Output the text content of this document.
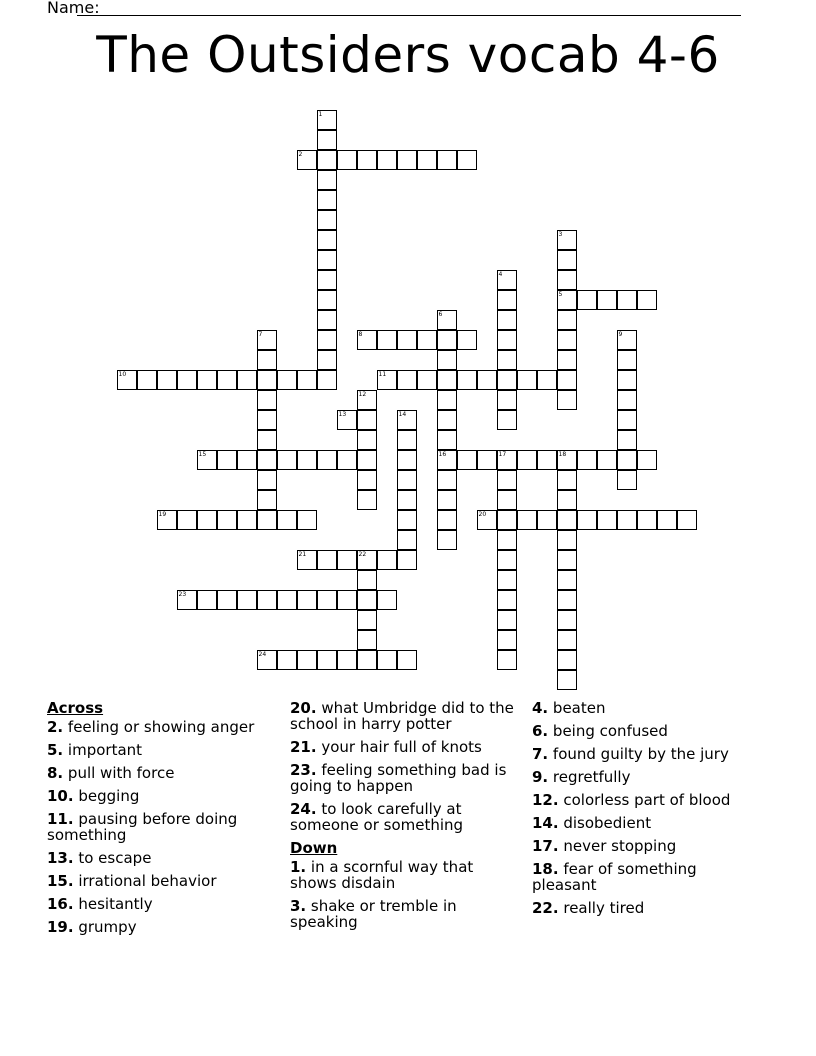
Name:
The Outsiders vocab 4-6
1
2
3
5
4
6
16
7	8	9
10	11
12
13	14
15	17	18
19	20
21	22
23
24
Across
2. feeling or showing anger
5. important
8. pull with force
10. begging
11. pausing before doing something
13. to escape
15. irrational behavior
16. hesitantly
19. grumpy
20. what Umbridge did to the school in harry potter
21. your hair full of knots
23. feeling something bad is going to happen
24. to look carefully at someone or something
Down
1. in a scornful way that shows disdain
3. shake or tremble in speaking
4. beaten
6. being confused
7. found guilty by the jury
9. regretfully
12. colorless part of blood
14. disobedient
17. never stopping
18. fear of something pleasant
22. really tired
